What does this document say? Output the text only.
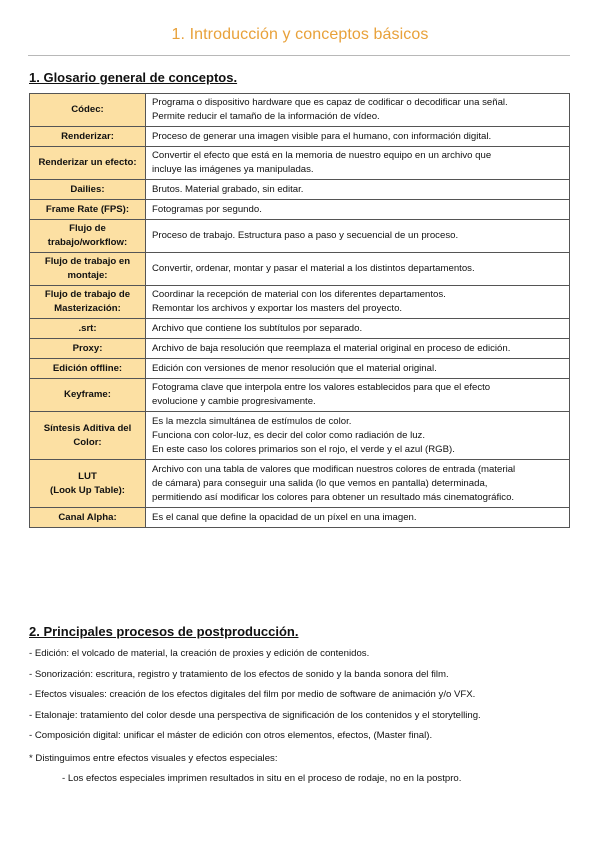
1. Introducción y conceptos básicos
1. Glosario general de conceptos.
Códec:	Programa o dispositivo hardware que es capaz de codificar o decodificar una señal.
Permite reducir el tamaño de la información de vídeo.

Renderizar:	Proceso de generar una imagen visible para el humano, con información digital.

Renderizar un efecto:	Convertir el efecto que está en la memoria de nuestro equipo en un archivo que
incluye las imágenes ya manipuladas.

Dailies:	Brutos. Material grabado, sin editar.

Frame Rate (FPS):	Fotogramas por segundo.

Flujo de trabajo/workflow:	Proceso de trabajo. Estructura paso a paso y secuencial de un proceso.

Flujo de trabajo en montaje:	Convertir, ordenar, montar y pasar el material a los distintos departamentos.

Flujo de trabajo de Masterización:	Coordinar la recepción de material con los diferentes departamentos.
Remontar los archivos y exportar los masters del proyecto.

.srt:	Archivo que contiene los subtítulos por separado.

Proxy:	Archivo de baja resolución que reemplaza el material original en proceso de edición.

Edición offline:	Edición con versiones de menor resolución que el material original.

Keyframe:	Fotograma clave que interpola entre los valores establecidos para que el efecto
evolucione y cambie progresivamente.

Síntesis Aditiva del Color:	Es la mezcla simultánea de estímulos de color.
Funciona con color-luz, es decir del color como radiación de luz.
En este caso los colores primarios son el rojo, el verde y el azul (RGB).

LUT
(Look Up Table):	Archivo con una tabla de valores que modifican nuestros colores de entrada (material
de cámara) para conseguir una salida (lo que vemos en pantalla) determinada,
permitiendo así modificar los colores para obtener un resultado más cinematográfico.

Canal Alpha:	Es el canal que define la opacidad de un píxel en una imagen.
2. Principales procesos de postproducción.
- Edición: el volcado de material, la creación de proxies y edición de contenidos.
- Sonorización: escritura, registro y tratamiento de los efectos de sonido y la banda sonora del film.
- Efectos visuales: creación de los efectos digitales del film por medio de software de animación y/o VFX.
- Etalonaje: tratamiento del color desde una perspectiva de significación de los contenidos y el storytelling.
- Composición digital: unificar el máster de edición con otros elementos, efectos, (Master final).
* Distinguimos entre efectos visuales y efectos especiales:
- Los efectos especiales imprimen resultados in situ en el proceso de rodaje, no en la postpro.
